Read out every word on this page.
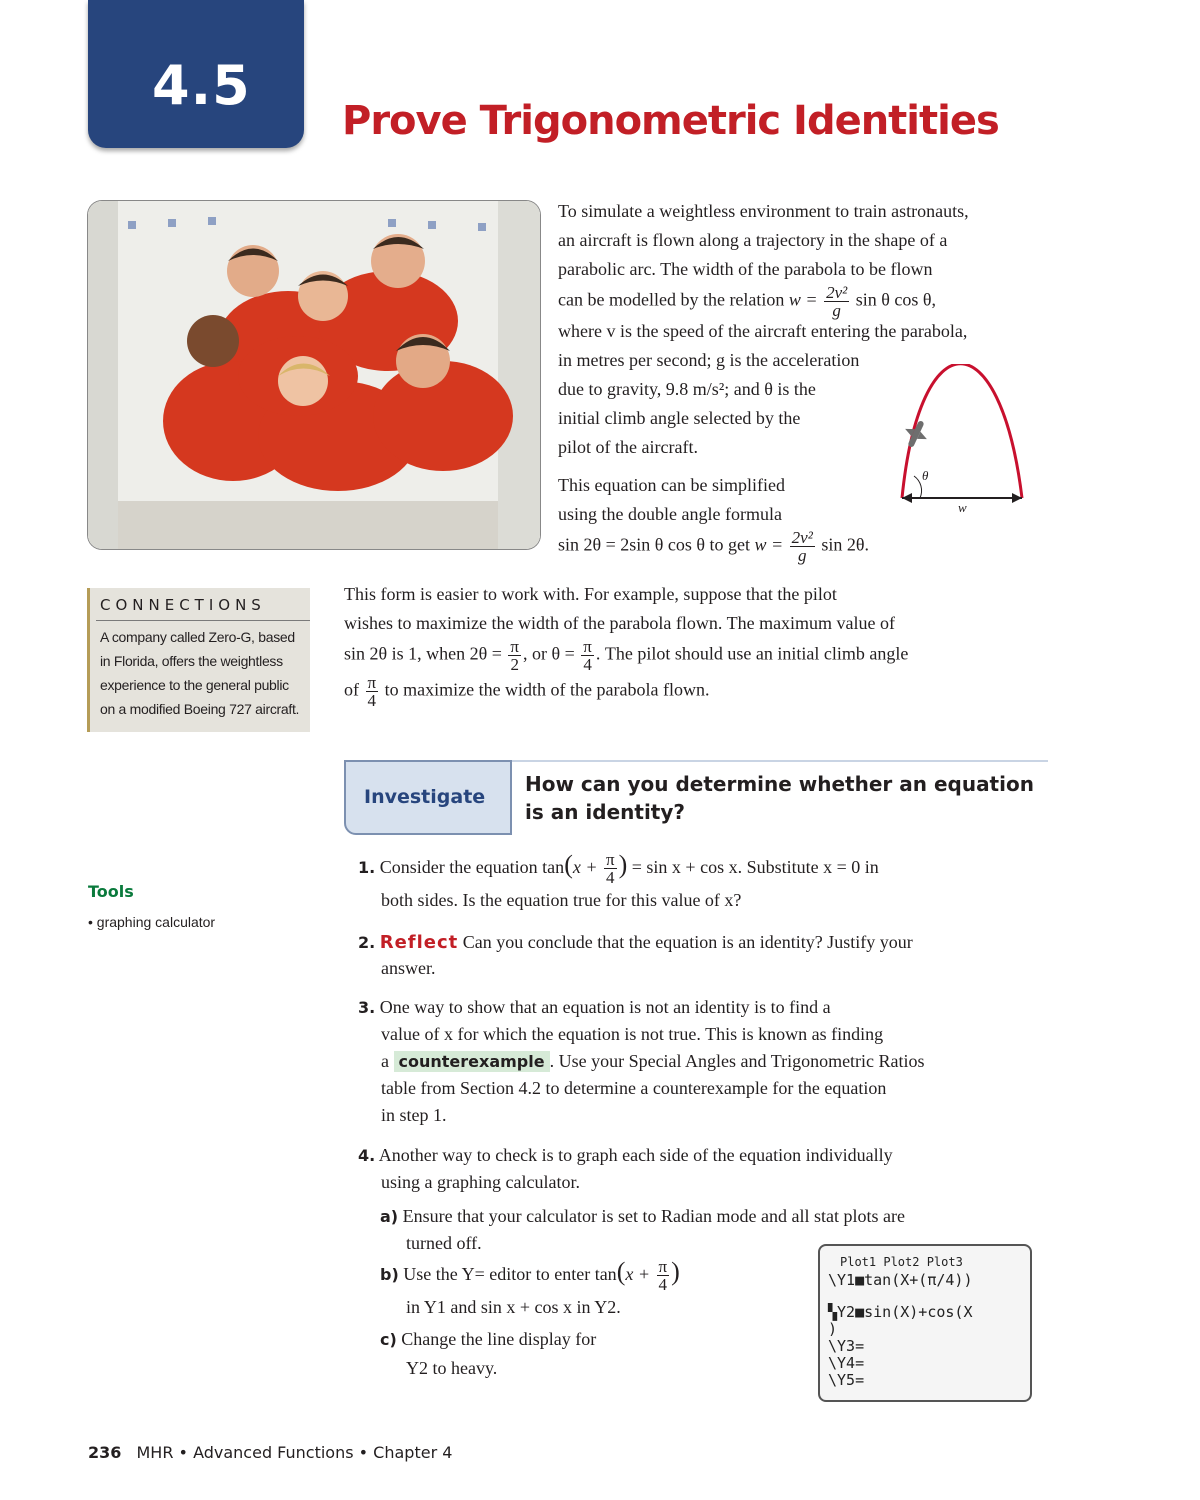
4.5
Prove Trigonometric Identities
To simulate a weightless environment to train astronauts,
an aircraft is flown along a trajectory in the shape of a
parabolic arc. The width of the parabola to be flown
can be modelled by the relation $w = \frac{\text{2v²}}{g}$ sin θ cos θ,
where v is the speed of the aircraft entering the parabola,
in metres per second; g is the acceleration
due to gravity, 9.8 m/s²; and θ is the
initial climb angle selected by the
pilot of the aircraft.
This equation can be simplified
using the double angle formula
sin 2θ = 2sin θ cos θ to get $w = \frac{\text{2v²}}{g}$ sin 2θ.
θ
w
This form is easier to work with. For example, suppose that the pilot
wishes to maximize the width of the parabola flown. The maximum value of
sin 2θ is 1, when $2\theta = \frac{\pi}{2}$ , or $\theta = \frac{\pi}{4}$ . The pilot should use an initial climb angle
of $\frac{\pi}{4}$ to maximize the width of the parabola flown.
CONNECTIONS
A company called Zero-G, based in Florida, offers the weightless experience to the general public on a modified Boeing 727 aircraft.
Investigate
How can you determine whether an equation is an identity?
Tools
• graphing calculator
1. Consider the equation $\tan(x + \frac{\pi}{4}$ ) = sin x + cos x. Substitute x = 0 in
both sides. Is the equation true for this value of x?
2. Reflect Can you conclude that the equation is an identity? Justify your
answer.
3. One way to show that an equation is not an identity is to find a
value of x for which the equation is not true. This is known as finding
a counterexample . Use your Special Angles and Trigonometric Ratios
table from Section 4.2 to determine a counterexample for the equation
in step 1.
4. Another way to check is to graph each side of the equation individually
using a graphing calculator.
a) Ensure that your calculator is set to Radian mode and all stat plots are
turned off.
b) Use the Y= editor to enter $\tan(x + \frac{\pi}{4}$ )
in Y1 and sin x + cos x in Y2.
c) Change the line display for
Y2 to heavy.
Plot1 Plot2 Plot3
\Y1■tan(X+(π/4))
▚Y2■sin(X)+cos(X
)
\Y3=
\Y4=
\Y5=
236 MHR • Advanced Functions • Chapter 4
